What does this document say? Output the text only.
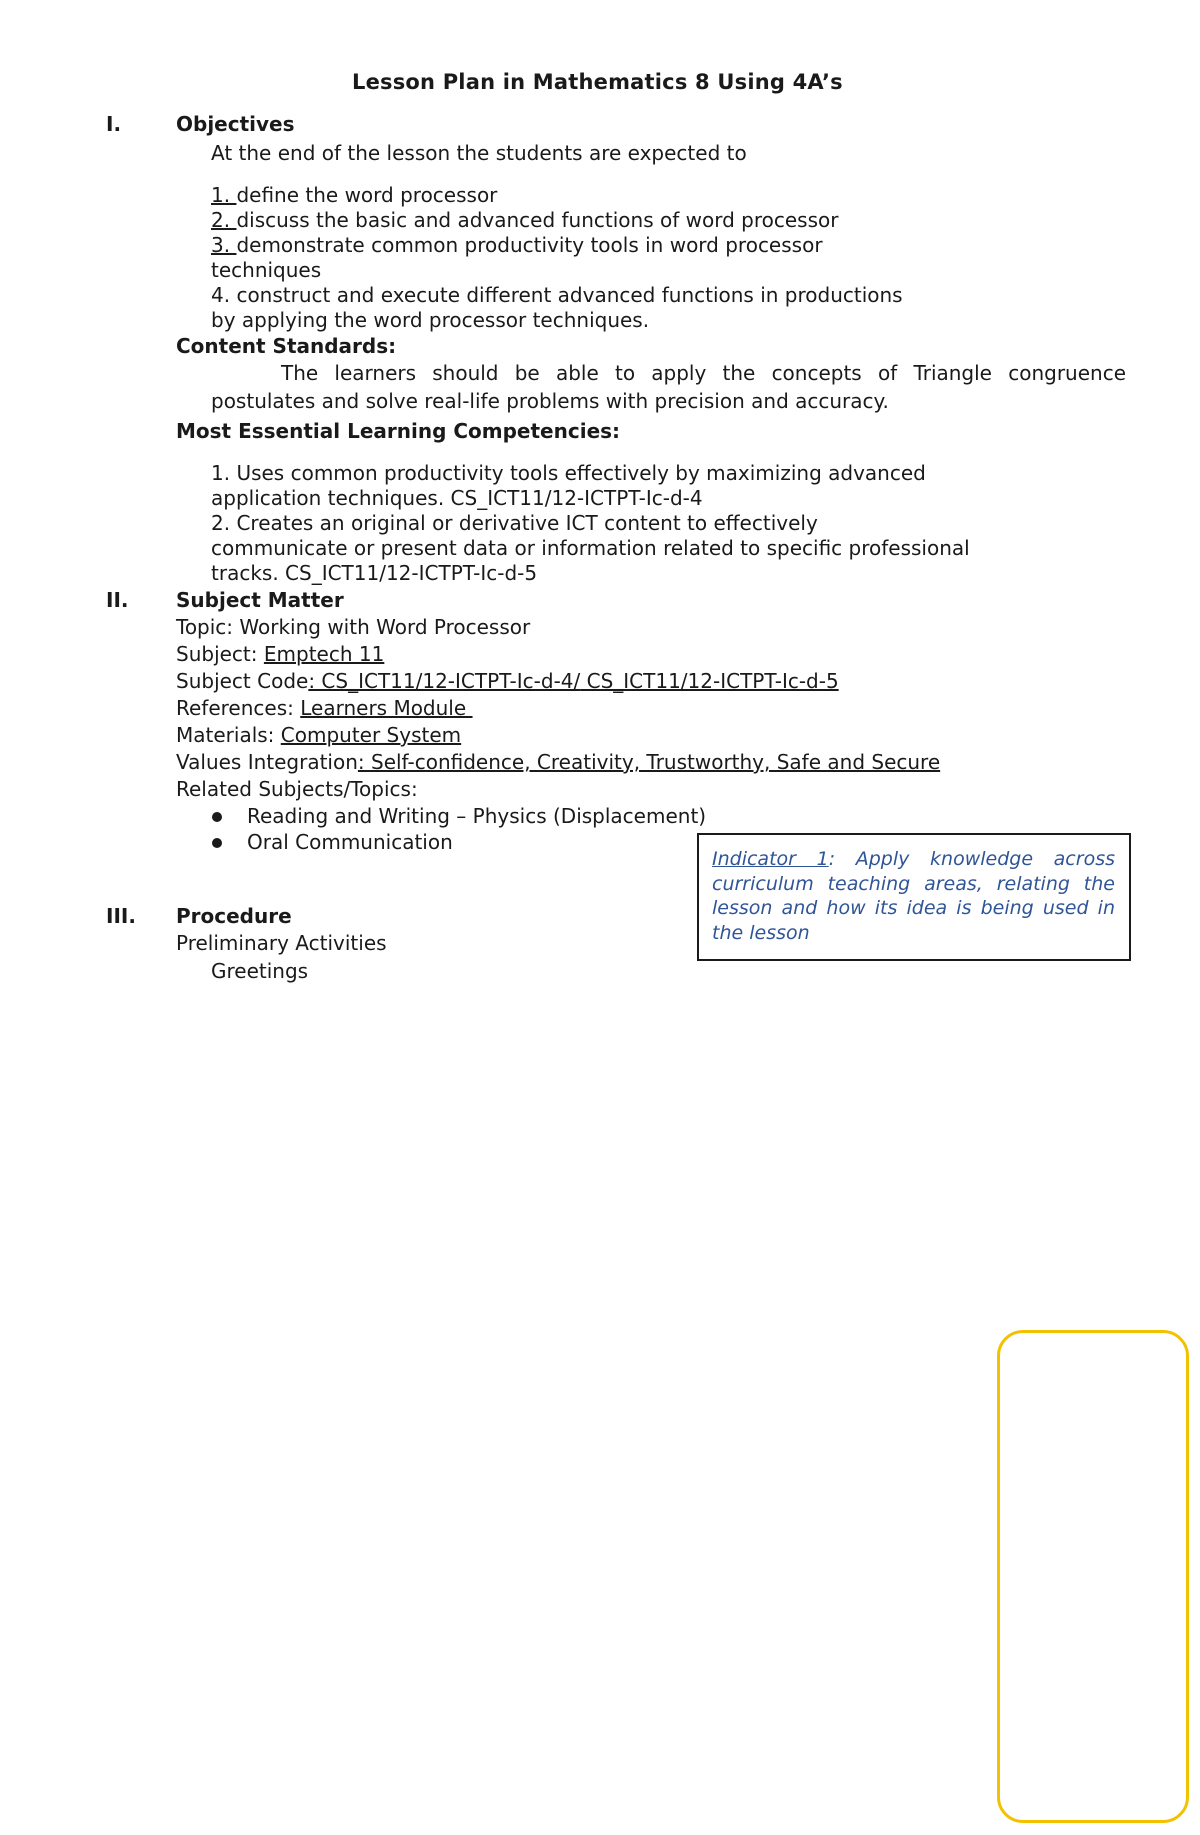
Lesson Plan in Mathematics 8 Using 4A’s
I.	Objectives
At the end of the lesson the students are expected to
1. define the word processor
2. discuss the basic and advanced functions of word processor
3. demonstrate common productivity tools in word processor
techniques
4. construct and execute different advanced functions in productions
by applying the word processor techniques.
Content Standards:
The learners should be able to apply the concepts of Triangle congruence
postulates and solve real-life problems with precision and accuracy.
Most Essential Learning Competencies:
1. Uses common productivity tools effectively by maximizing advanced
application techniques. CS_ICT11/12-ICTPT-Ic-d-4
2. Creates an original or derivative ICT content to effectively
communicate or present data or information related to specific professional
tracks. CS_ICT11/12-ICTPT-Ic-d-5
II. Subject Matter
Topic: Working with Word Processor
Subject: Emptech 11
Subject Code: CS_ICT11/12-ICTPT-Ic-d-4/ CS_ICT11/12-ICTPT-Ic-d-5
References: Learners Module
Materials: Computer System
Values Integration: Self-confidence, Creativity, Trustworthy, Safe and Secure
Related Subjects/Topics:
Reading and Writing – Physics (Displacement)
Oral Communication
Indicator 1: Apply knowledge across curriculum teaching areas, relating the lesson and how its idea is being used in the lesson
III. Procedure
Preliminary Activities
Greetings
